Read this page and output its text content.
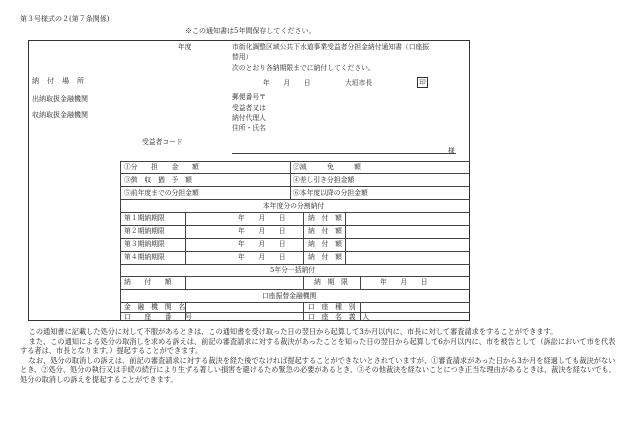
第３号様式の２(第７条関係)
※この通知書は5年間保存してください。
納　付　場　所
出納取扱金融機関
収納取扱金融機関
年度	市街化調整区域公共下水道事業受益者分担金納付通知書（口座振
替用）
次のとおり各納期限までに納付してください。
年　　月　　日	大垣市長	印
郵便番号〒
受益者又は
納付代理人
住所・氏名
受益者コード
様
①分　　担　　金　　額	②減　　　免　　　額
③徴　収　猶　予　額	④差し引き分担金額
⑤前年度までの分担金額	⑥本年度以降の分担金額
本年度分の分割納付
第１期納期限	年　　月　　日	納　付　額
第２期納期限	年　　月　　日	納　付　額
第３期納期限	年　　月　　日	納　付　額
第４期納期限	年　　月　　日	納　付　額
5年分一括納付
納　　付　　額	納　期　限	年　　月　　日
口座振替金融機関
金　融　機　関　名	口　座　種　別
口　　座　　番　　号	口　座　名　義　人

この通知書に記載した処分に対して不服があるときは、この通知書を受け取った日の翌日から起算して3か月以内に、市長に対して審査請求をすることができます。

また、この通知による処分の取消しを求める訴えは、前記の審査請求に対する裁決があったことを知った日の翌日から起算して6か月以内に、市を被告として（訴訟において市を代表する者は、市長となります。）提起することができます。

なお、処分の取消しの訴えは、前記の審査請求に対する裁決を経た後でなければ提起することができないとされていますが、①審査請求があった日から3か月を経過しても裁決がないとき、②処分、処分の執行又は手続の続行により生ずる著しい損害を避けるため緊急の必要があるとき、③その他裁決を経ないことにつき正当な理由があるときは、裁決を経ないでも、処分の取消しの訴えを提起することができます。
